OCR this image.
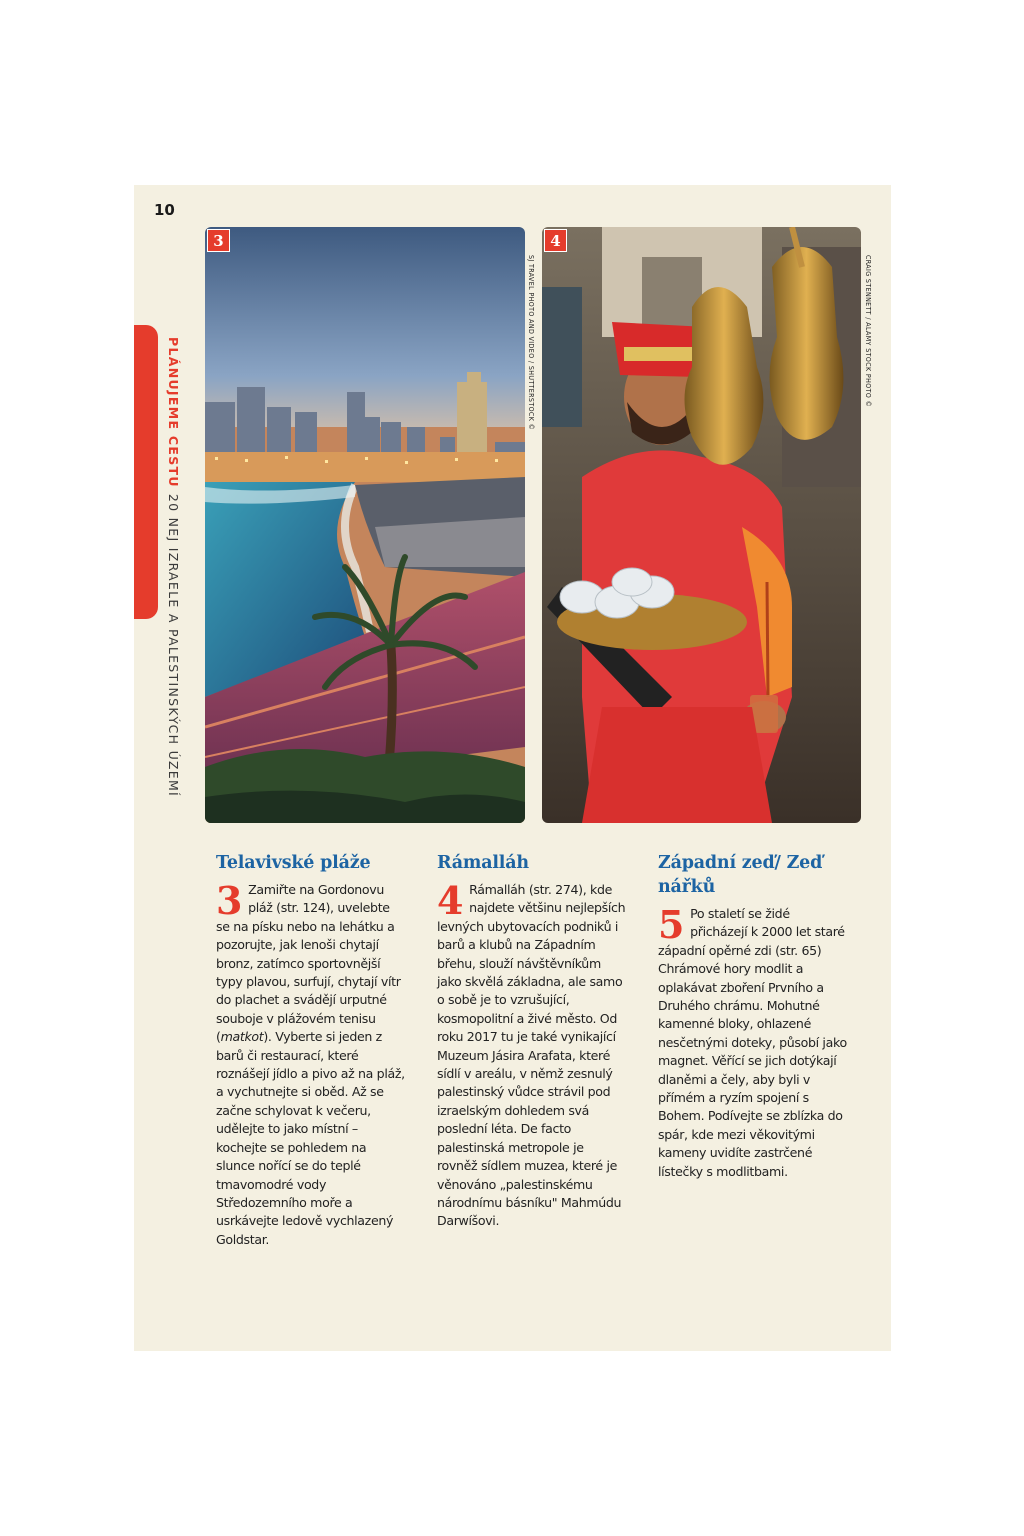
10
PLÁNUJEME CESTU20 NEJ IZRAELE A PALESTINSKÝCH ÚZEMÍ
3	4
SJ TRAVEL PHOTO AND VIDEO / SHUTTERSTOCK ©	CRAIG STENNETT / ALAMY STOCK PHOTO ©
Telavivské pláže

3 Zamiřte na Gordonovu pláž (str. 124), uvelebte se na písku nebo na lehátku a pozorujte, jak lenoši chytají bronz, zatímco sportovnější typy plavou, surfují, chytají vítr do plachet a svádějí urputné souboje v plážovém tenisu (matkot). Vyberte si jeden z barů či restaurací, které roznášejí jídlo a pivo až na pláž, a vychutnejte si oběd. Až se začne schylovat k večeru, udělejte to jako místní – kochejte se pohledem na slunce nořící se do teplé tmavomodré vody Středozemního moře a usrkávejte ledově vychlazený Goldstar.

Rámalláh

4 Rámalláh (str. 274), kde najdete většinu nejlepších levných ubytovacích podniků i barů a klubů na Západním břehu, slouží návštěvníkům jako skvělá základna, ale samo o sobě je to vzrušující, kosmopolitní a živé město. Od roku 2017 tu je také vynikající Muzeum Jásira Arafata, které sídlí v areálu, v němž zesnulý palestinský vůdce strávil pod izraelským dohledem svá poslední léta. De facto palestinská metropole je rovněž sídlem muzea, které je věnováno „palestinskému národnímu básníku" Mahmúdu Darwíšovi.

Západní zeď/ Zeď nářků

5 Po staletí se židé přicházejí k 2000 let staré západní opěrné zdi (str. 65) Chrámové hory modlit a oplakávat zboření Prvního a Druhého chrámu. Mohutné kamenné bloky, ohlazené nesčetnými doteky, působí jako magnet. Věřící se jich dotýkají dlaněmi a čely, aby byli v přímém a ryzím spojení s Bohem. Podívejte se zblízka do spár, kde mezi věkovitými kameny uvidíte zastrčené lístečky s modlitbami.
